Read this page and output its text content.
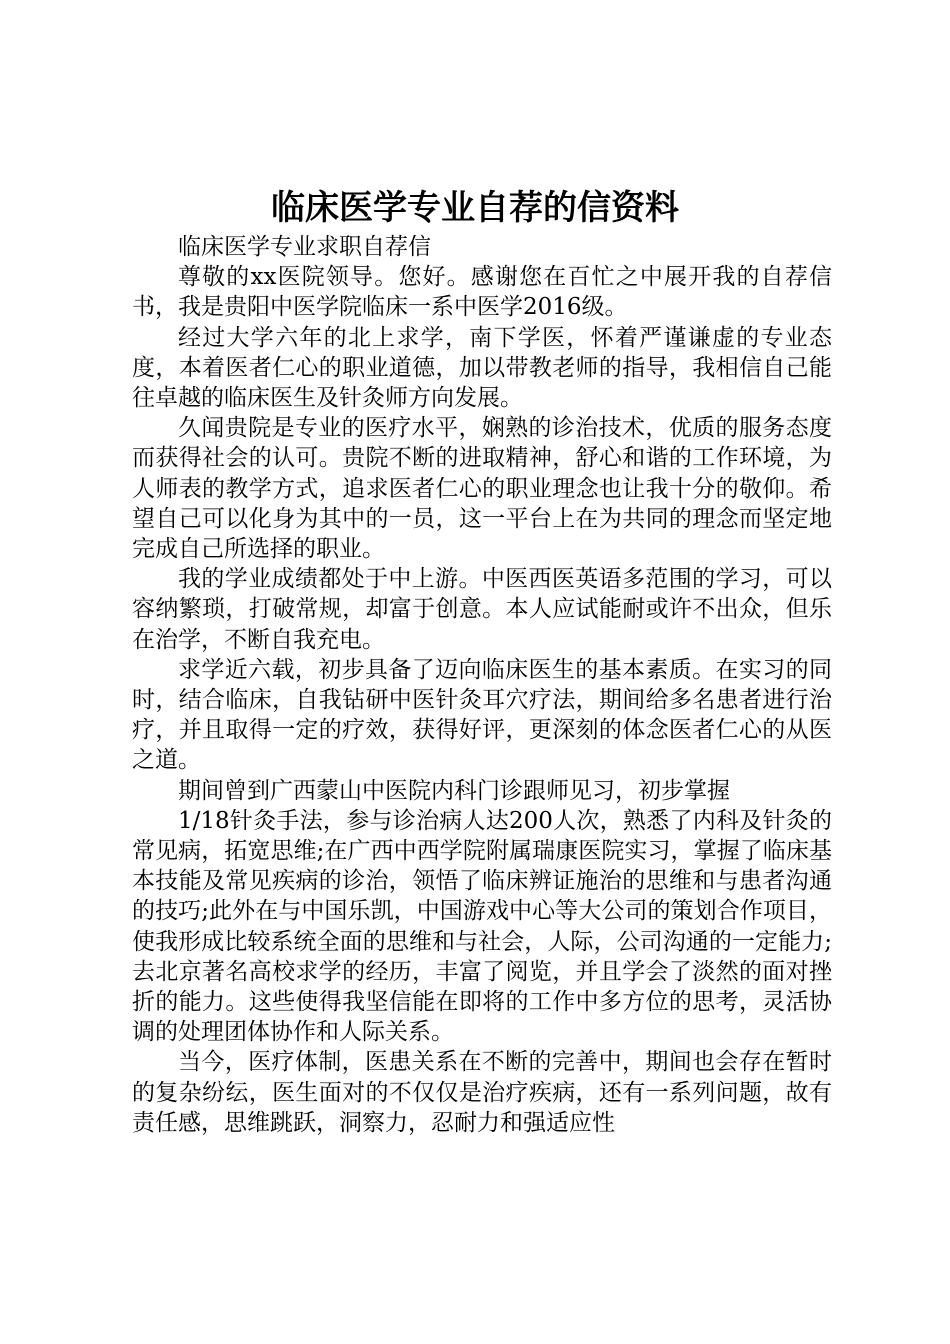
临床医学专业自荐的信资料

临床医学专业求职自荐信

尊敬的xx医院领导。您好。感谢您在百忙之中展开我的自荐信书，我是贵阳中医学院临床一系中医学2016级。

经过大学六年的北上求学，南下学医，怀着严谨谦虚的专业态度，本着医者仁心的职业道德，加以带教老师的指导，我相信自己能往卓越的临床医生及针灸师方向发展。

久闻贵院是专业的医疗水平，娴熟的诊治技术，优质的服务态度而获得社会的认可。贵院不断的进取精神，舒心和谐的工作环境，为人师表的教学方式，追求医者仁心的职业理念也让我十分的敬仰。希望自己可以化身为其中的一员，这一平台上在为共同的理念而坚定地完成自己所选择的职业。

我的学业成绩都处于中上游。中医西医英语多范围的学习，可以容纳繁琐，打破常规，却富于创意。本人应试能耐或许不出众，但乐在治学，不断自我充电。

求学近六载，初步具备了迈向临床医生的基本素质。在实习的同时，结合临床，自我钻研中医针灸耳穴疗法，期间给多名患者进行治疗，并且取得一定的疗效，获得好评，更深刻的体念医者仁心的从医之道。

期间曾到广西蒙山中医院内科门诊跟师见习，初步掌握

1/18针灸手法，参与诊治病人达200人次，熟悉了内科及针灸的常见病，拓宽思维;在广西中西学院附属瑞康医院实习，掌握了临床基本技能及常见疾病的诊治，领悟了临床辨证施治的思维和与患者沟通的技巧;此外在与中国乐凯，中国游戏中心等大公司的策划合作项目，使我形成比较系统全面的思维和与社会，人际，公司沟通的一定能力;去北京著名高校求学的经历，丰富了阅览，并且学会了淡然的面对挫折的能力。这些使得我坚信能在即将的工作中多方位的思考，灵活协调的处理团体协作和人际关系。

当今，医疗体制，医患关系在不断的完善中，期间也会存在暂时的复杂纷纭，医生面对的不仅仅是治疗疾病，还有一系列问题，故有责任感，思维跳跃，洞察力，忍耐力和强适应性
